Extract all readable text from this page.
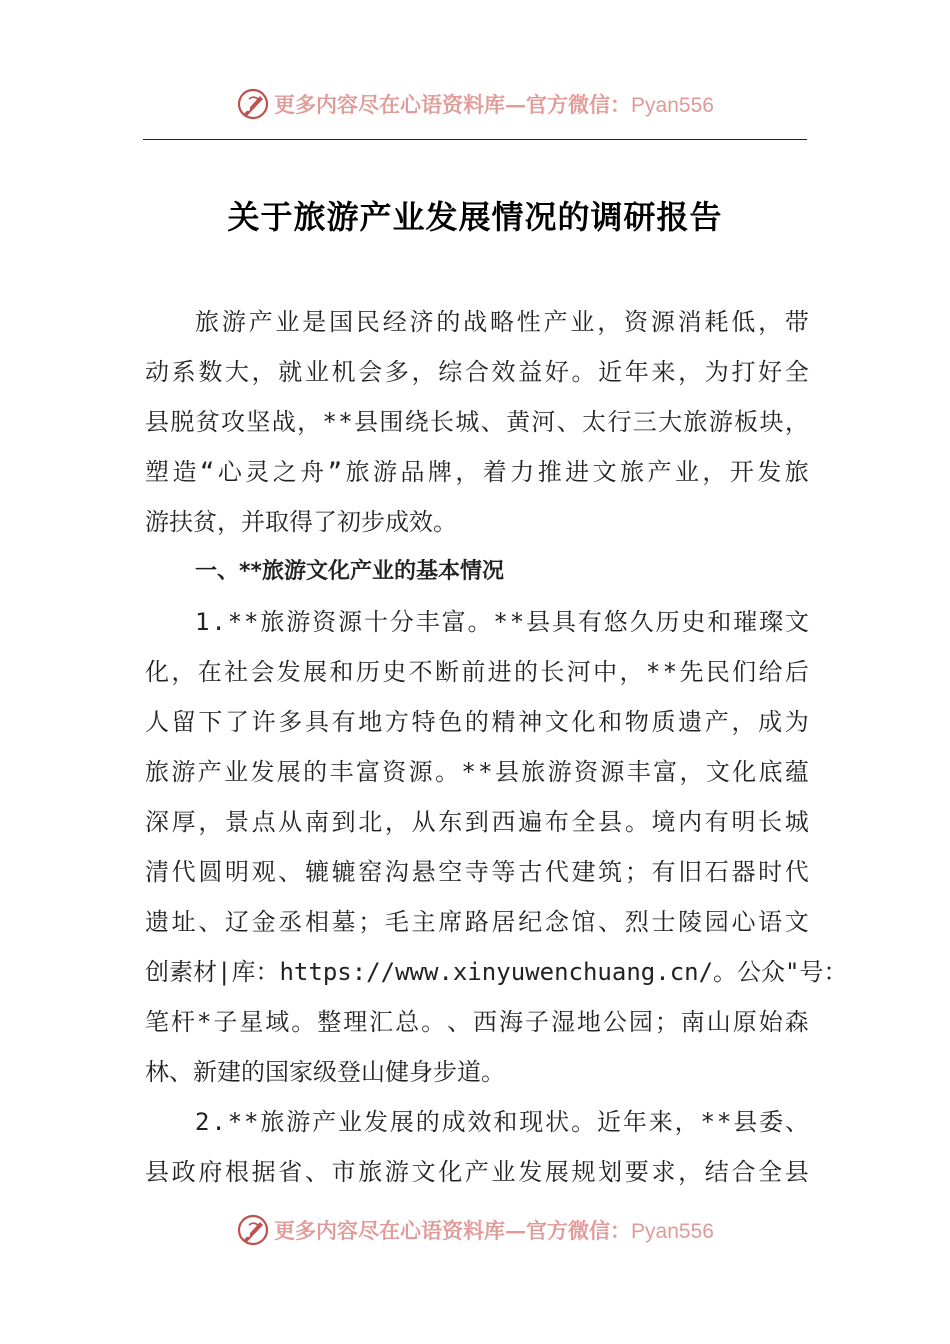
更多内容尽在心语资料库—官方微信：Pyan556
关于旅游产业发展情况的调研报告
旅 游 产 业 是 国 民 经 济 的 战 略 性 产 业 ， 资 源 消 耗 低 ， 带
动 系 数 大 ， 就 业 机 会 多 ， 综 合 效 益 好 。 近 年 来 ， 为 打 好 全
县 脱 贫 攻 坚 战 ， * * 县 围 绕 长 城 、 黄 河 、 太 行 三 大 旅 游 板 块 ，
塑 造 “ 心 灵 之 舟 ” 旅 游 品 牌 ， 着 力 推 进 文 旅 产 业 ， 开 发 旅
游扶贫，并取得了初步成效。
一、**旅游文化产业的基本情况
1 . * * 旅 游 资 源 十 分 丰 富 。 * * 县 具 有 悠 久 历 史 和 璀 璨 文
化 ， 在 社 会 发 展 和 历 史 不 断 前 进 的 长 河 中 ， * * 先 民 们 给 后
人 留 下 了 许 多 具 有 地 方 特 色 的 精 神 文 化 和 物 质 遗 产 ， 成 为
旅 游 产 业 发 展 的 丰 富 资 源 。 * * 县 旅 游 资 源 丰 富 ， 文 化 底 蕴
深 厚 ， 景 点 从 南 到 北 ， 从 东 到 西 遍 布 全 县 。 境 内 有 明 长 城
清 代 圆 明 观 、 辘 辘 窑 沟 悬 空 寺 等 古 代 建 筑 ； 有 旧 石 器 时 代
遗 址 、 辽 金 丞 相 墓 ； 毛 主 席 路 居 纪 念 馆 、 烈 士 陵 园 心 语 文
创 素 材 | 库 ： h t t p s : / / w w w . x i n y u w e n c h u a n g . c n / 。 公 众 " 号 ：
笔 杆 * 子 星 域 。 整 理 汇 总 。 、 西 海 子 湿 地 公 园 ； 南 山 原 始 森
林、新建的国家级登山健身步道。
2 . * * 旅 游 产 业 发 展 的 成 效 和 现 状 。 近 年 来 ， * * 县 委 、
县 政 府 根 据 省 、 市 旅 游 文 化 产 业 发 展 规 划 要 求 ， 结 合 全 县
更多内容尽在心语资料库—官方微信：Pyan556
